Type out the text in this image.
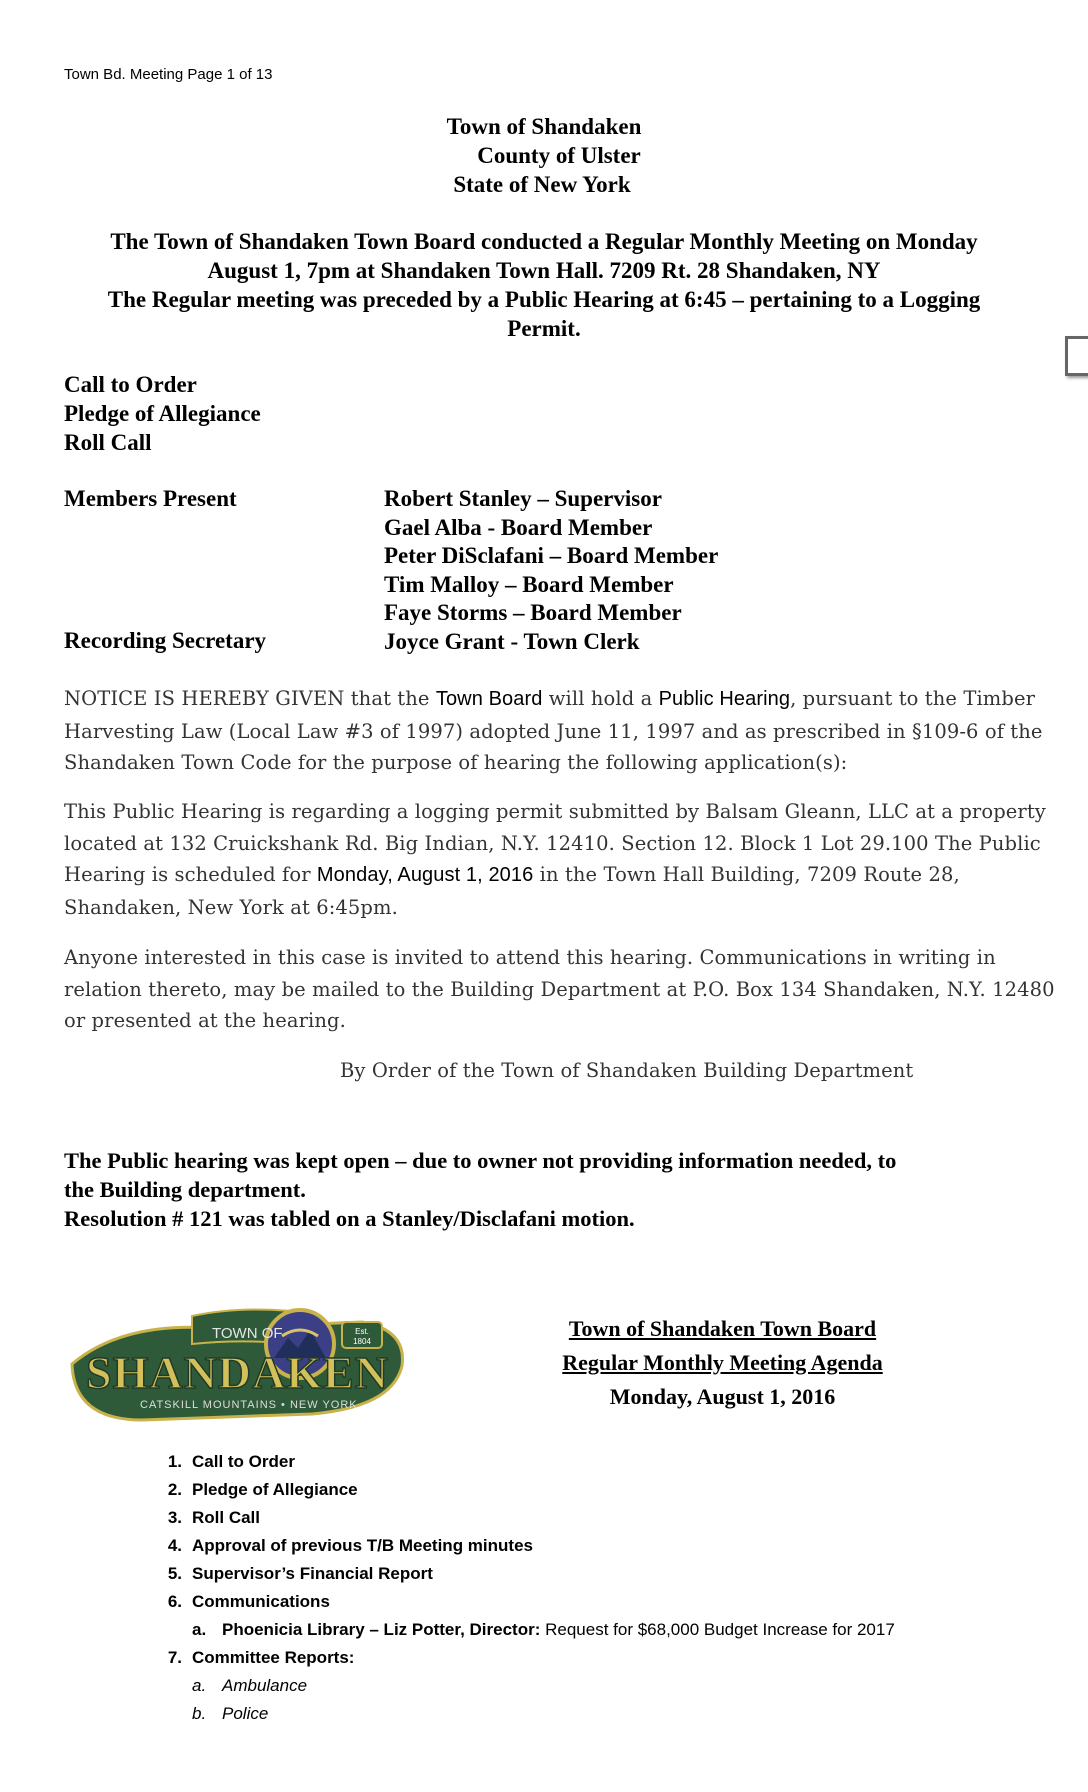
Town Bd. Meeting Page 1 of 13
Town of Shandaken
County of Ulster
State of New York
The Town of Shandaken Town Board conducted a Regular Monthly Meeting on Monday
August 1, 7pm at Shandaken Town Hall. 7209 Rt. 28 Shandaken, NY
The Regular meeting was preceded by a Public Hearing at 6:45 – pertaining to a Logging
Permit.
Call to Order
Pledge of Allegiance
Roll Call
Members Present	Robert Stanley – Supervisor
Gael Alba - Board Member
Peter DiSclafani – Board Member
Tim Malloy – Board Member
Faye Storms – Board Member
Joyce Grant - Town Clerk
Recording Secretary
NOTICE IS HEREBY GIVEN that the Town Board will hold a Public Hearing, pursuant to the Timber Harvesting Law (Local Law #3 of 1997) adopted June 11, 1997 and as prescribed in §109-6 of the Shandaken Town Code for the purpose of hearing the following application(s):
This Public Hearing is regarding a logging permit submitted by Balsam Gleann, LLC at a property located at 132 Cruickshank Rd. Big Indian, N.Y. 12410. Section 12. Block 1 Lot 29.100 The Public Hearing is scheduled for Monday, August 1, 2016 in the Town Hall Building, 7209 Route 28, Shandaken, New York at 6:45pm.
Anyone interested in this case is invited to attend this hearing. Communications in writing in relation thereto, may be mailed to the Building Department at P.O. Box 134 Shandaken, N.Y. 12480 or presented at the hearing.
By Order of the Town of Shandaken Building Department
The Public hearing was kept open – due to owner not providing information needed, to
the Building department.
Resolution # 121 was tabled on a Stanley/Disclafani motion.
Est.
1804
TOWN OF
SHANDAKEN
CATSKILL MOUNTAINS • NEW YORK
Town of Shandaken Town Board
Regular Monthly Meeting Agenda
Monday, August 1, 2016
1. Call to Order
2. Pledge of Allegiance
3. Roll Call
4. Approval of previous T/B Meeting minutes
5. Supervisor’s Financial Report
6. Communications
a. Phoenicia Library – Liz Potter, Director: Request for $68,000 Budget Increase for 2017
7. Committee Reports:
a. Ambulance
b. Police
